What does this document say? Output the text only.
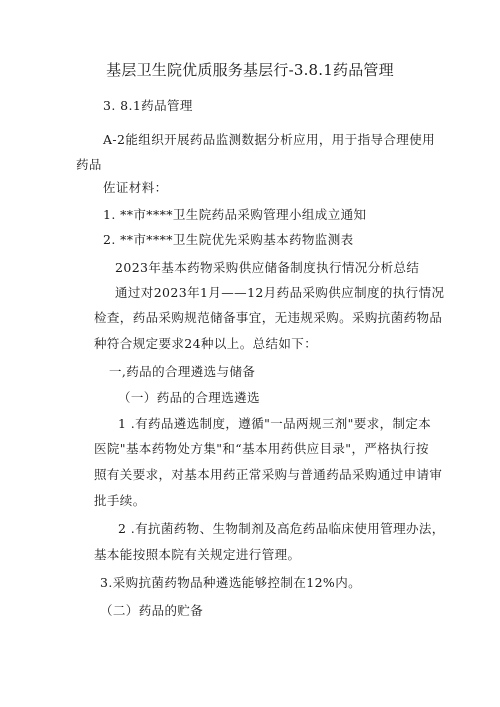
基层卫生院优质服务基层行-3.8.1药品管理
3. 8.1药品管理
A-2能组织开展药品监测数据分析应用，用于指导合理使用
药品
佐证材料：
1. **市****卫生院药品采购管理小组成立通知
2. **市****卫生院优先采购基本药物监测表
2023年基本药物采购供应储备制度执行情况分析总结
通过对2023年1月——12月药品采购供应制度的执行情况
检查，药品采购规范储备事宜，无违规采购。采购抗菌药物品
种符合规定要求24种以上。总结如下：
一,药品的合理遴选与储备
（一）药品的合理选遴选
1 .有药品遴选制度，遵循"一品两规三剂"要求，制定本
医院"基本药物处方集"和“基本用药供应目录"，严格执行按
照有关要求，对基本用药正常采购与普通药品采购通过申请审
批手续。
2 .有抗菌药物、生物制剂及高危药品临床使用管理办法，
基本能按照本院有关规定进行管理。
3.采购抗菌药物品种遴选能够控制在12%内。
（二）药品的贮备
